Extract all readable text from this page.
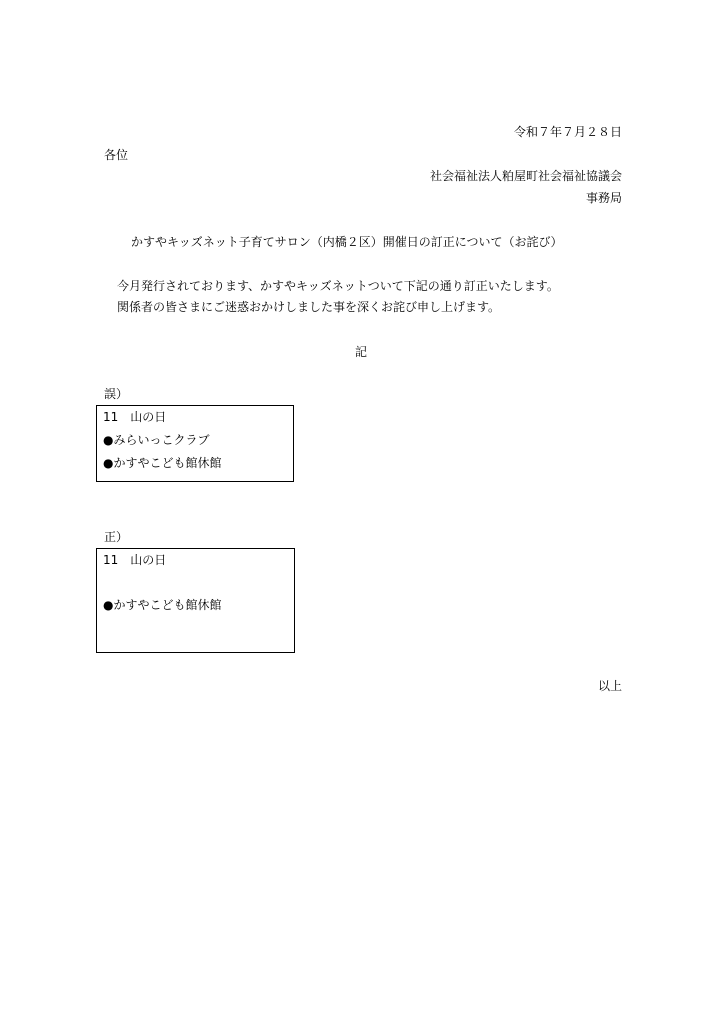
令和７年７月２８日
各位
社会福祉法人粕屋町社会福祉協議会
事務局
かすやキッズネット子育てサロン（内橋２区）開催日の訂正について（お詫び）
今月発行されております、かすやキッズネットついて下記の通り訂正いたします。
関係者の皆さまにご迷惑おかけしました事を深くお詫び申し上げます。
記
誤）
11　山の日
●みらいっこクラブ
●かすやこども館休館
正）
11　山の日
●かすやこども館休館
以上
